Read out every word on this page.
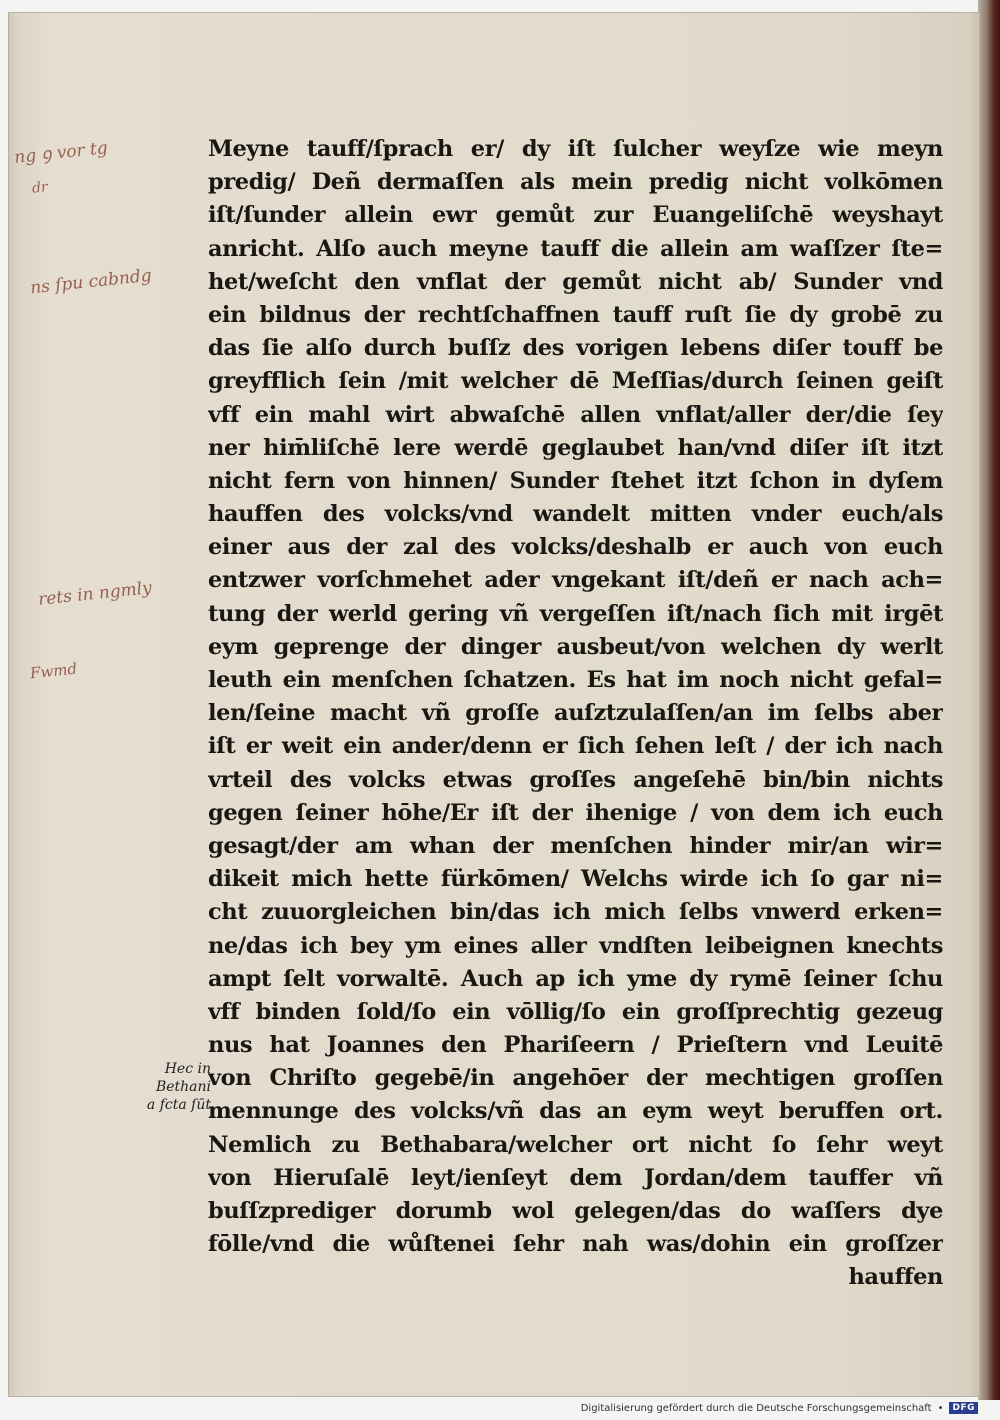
ng ꝯ vor tg
dr
ns ſpu cabndg
rets in ngmly
Fwmd
Hec in
Bethani
a fcta ſūt
Meyne tauff/ſprach er/ dy iſt ſulcher weyſze wie meyn
predig/ Deñ dermaſſen als mein predig nicht volkōmen
iſt/ſunder allein ewr gemůt zur Euangeliſchē weyshayt
anricht. Alſo auch meyne tauff die allein am waſſzer ſte=
het/weſcht den vnflat der gemůt nicht ab/ Sunder vnd
ein bildnus der rechtſchaffnen tauff ruſt ſie dy grobē zu
das ſie alſo durch buſſz des vorigen lebens diſer touff be
greyfflich ſein /mit welcher dē Meſſias/durch ſeinen geiſt
vff ein mahl wirt abwaſchē allen vnflat/aller der/die ſey
ner him̄liſchē lere werdē geglaubet han/vnd diſer iſt itzt
nicht fern von hinnen/ Sunder ſtehet itzt ſchon in dyſem
hauffen des volcks/vnd wandelt mitten vnder euch/als
einer aus der zal des volcks/deshalb er auch von euch
entzwer vorſchmehet ader vngekant iſt/deñ er nach ach=
tung der werld gering vñ vergeſſen iſt/nach ſich mit irgēt
eym geprenge der dinger ausbeut/von welchen dy werlt
leuth ein menſchen ſchatzen. Es hat im noch nicht gefal=
len/ſeine macht vñ groſſe auſztzulaſſen/an im ſelbs aber
iſt er weit ein ander/denn er ſich ſehen leſt / der ich nach
vrteil des volcks etwas groſſes angeſehē bin/bin nichts
gegen ſeiner hōhe/Er iſt der ihenige / von dem ich euch
gesagt/der am whan der menſchen hinder mir/an wir=
dikeit mich hette fürkōmen/ Welchs wirde ich ſo gar ni=
cht zuuorgleichen bin/das ich mich ſelbs vnwerd erken=
ne/das ich bey ym eines aller vndſten leibeignen knechts
ampt ſelt vorwaltē. Auch ap ich yme dy rymē ſeiner ſchu
vff binden ſold/ſo ein vōllig/ſo ein groſſprechtig gezeug
nus hat Joannes den Phariſeern / Prieſtern vnd Leuitē
von Chriſto gegebē/in angehōer der mechtigen groſſen
mennunge des volcks/vñ das an eym weyt beruffen ort.
Nemlich zu Bethabara/welcher ort nicht ſo ſehr weyt
von Hieruſalē leyt/ienſeyt dem Jordan/dem tauffer vñ
buſſzprediger dorumb wol gelegen/das do waſſers dye
fōlle/vnd die wůſtenei ſehr nah was/dohin ein groſſzer
hauffen
Digitalisierung gefördert durch die Deutsche Forschungsgemeinschaft •	DFG
